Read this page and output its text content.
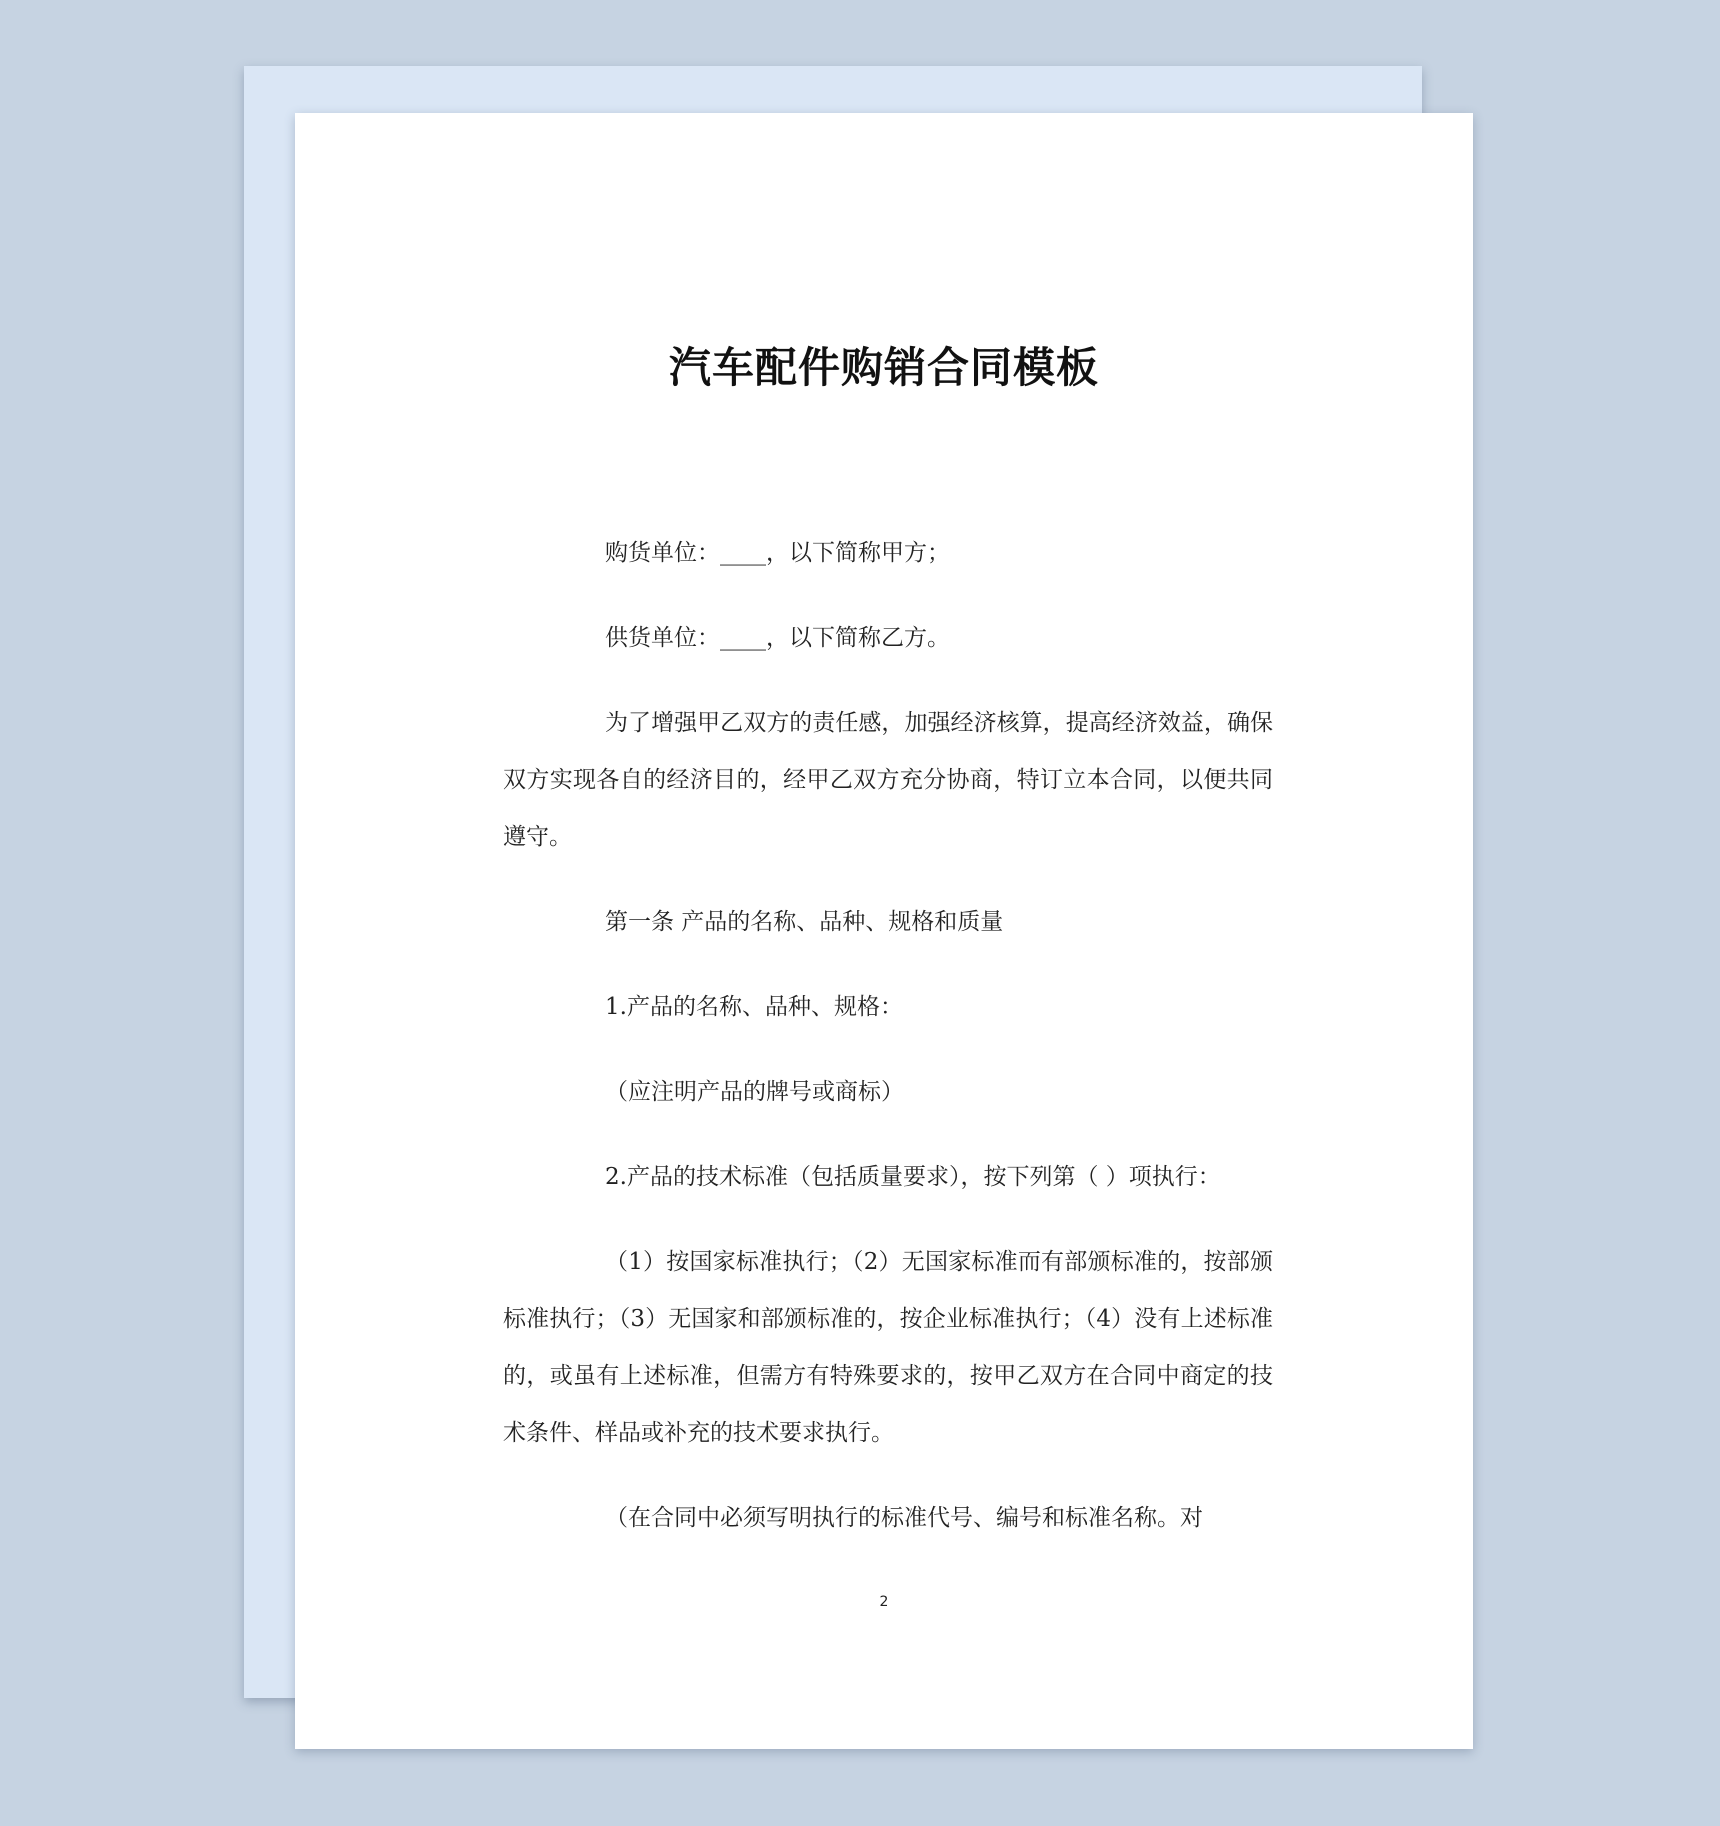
汽车配件购销合同模板

购货单位：____，以下简称甲方；

供货单位：____，以下简称乙方。

为了增强甲乙双方的责任感，加强经济核算，提高经济效益，确保双方实现各自的经济目的，经甲乙双方充分协商，特订立本合同，以便共同遵守。

第一条 产品的名称、品种、规格和质量

1.产品的名称、品种、规格：

（应注明产品的牌号或商标）

2.产品的技术标准（包括质量要求），按下列第（ ）项执行：

（1）按国家标准执行；（2）无国家标准而有部颁标准的，按部颁标准执行；（3）无国家和部颁标准的，按企业标准执行；（4）没有上述标准的，或虽有上述标准，但需方有特殊要求的，按甲乙双方在合同中商定的技术条件、样品或补充的技术要求执行。

（在合同中必须写明执行的标准代号、编号和标准名称。对

2
